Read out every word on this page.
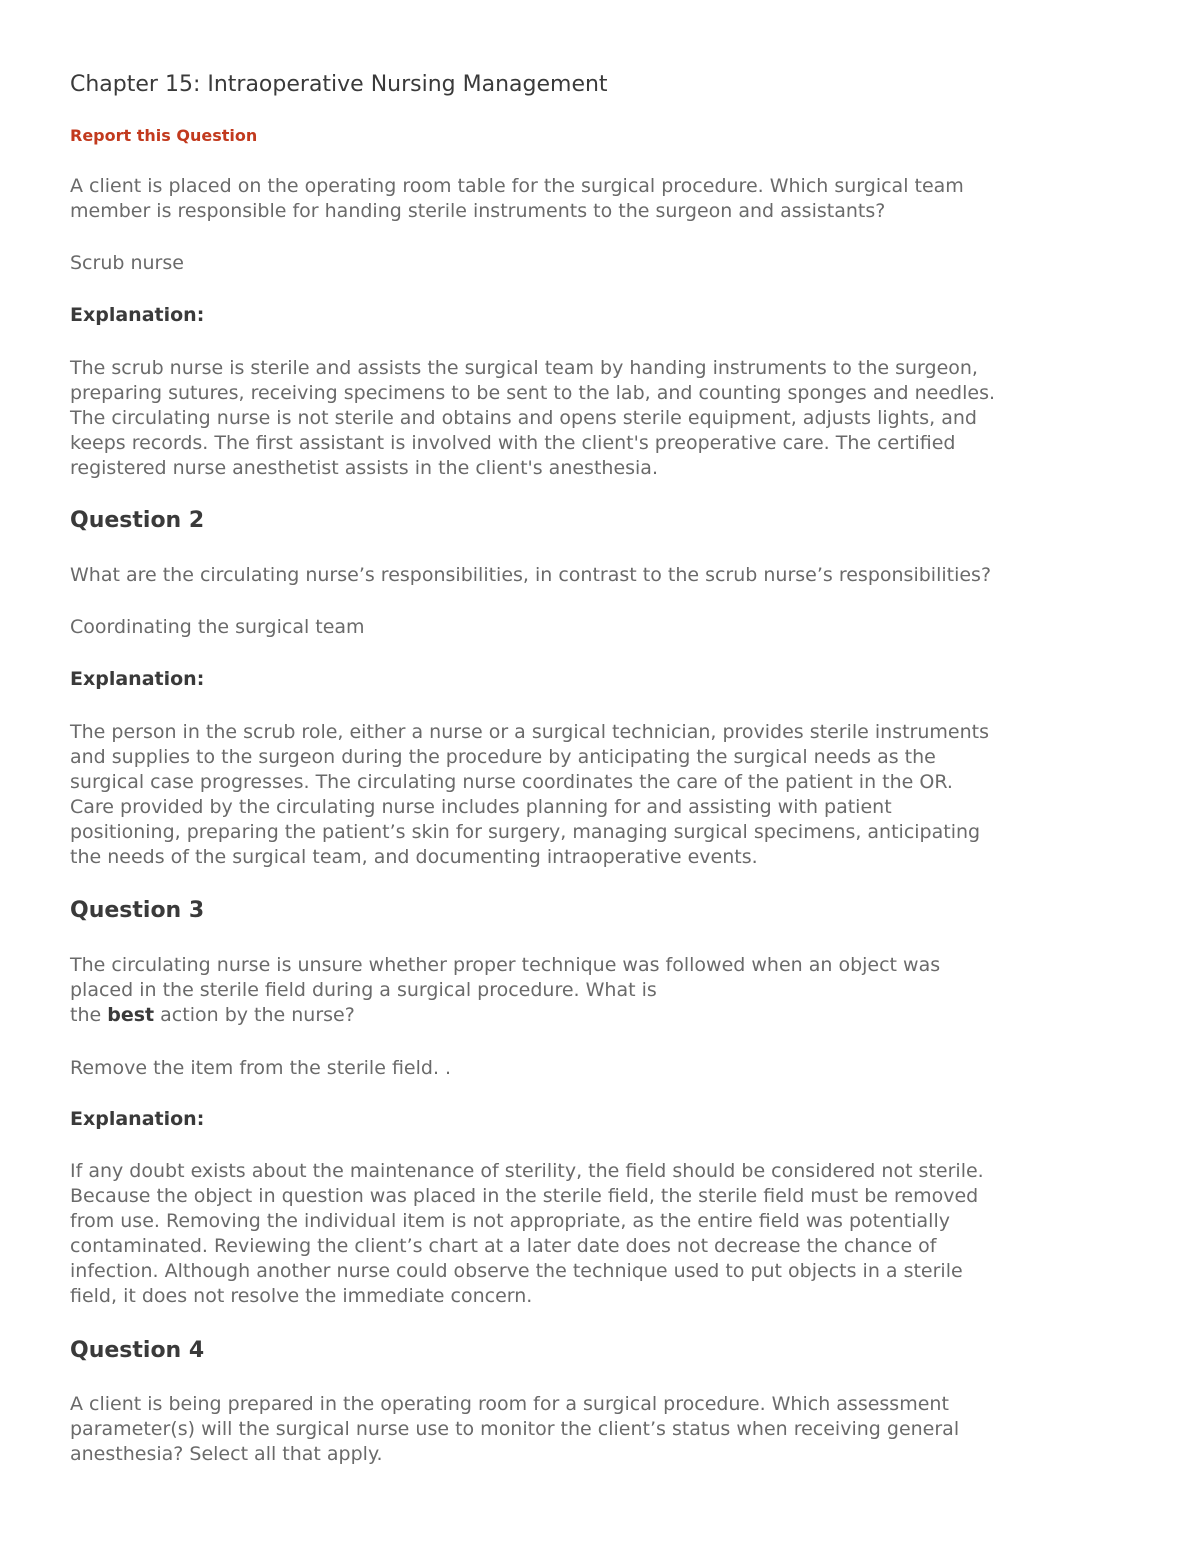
Chapter 15: Intraoperative Nursing Management
Report this Question

A client is placed on the operating room table for the surgical procedure. Which surgical team
member is responsible for handing sterile instruments to the surgeon and assistants?

Scrub nurse

Explanation:

The scrub nurse is sterile and assists the surgical team by handing instruments to the surgeon,
preparing sutures, receiving specimens to be sent to the lab, and counting sponges and needles.
The circulating nurse is not sterile and obtains and opens sterile equipment, adjusts lights, and
keeps records. The first assistant is involved with the client's preoperative care. The certified
registered nurse anesthetist assists in the client's anesthesia.

Question 2

What are the circulating nurse’s responsibilities, in contrast to the scrub nurse’s responsibilities?

Coordinating the surgical team

Explanation:

The person in the scrub role, either a nurse or a surgical technician, provides sterile instruments
and supplies to the surgeon during the procedure by anticipating the surgical needs as the
surgical case progresses. The circulating nurse coordinates the care of the patient in the OR.
Care provided by the circulating nurse includes planning for and assisting with patient
positioning, preparing the patient’s skin for surgery, managing surgical specimens, anticipating
the needs of the surgical team, and documenting intraoperative events.

Question 3

The circulating nurse is unsure whether proper technique was followed when an object was
placed in the sterile field during a surgical procedure. What is
the best action by the nurse?

Remove the item from the sterile field. .

Explanation:

If any doubt exists about the maintenance of sterility, the field should be considered not sterile.
Because the object in question was placed in the sterile field, the sterile field must be removed
from use. Removing the individual item is not appropriate, as the entire field was potentially
contaminated. Reviewing the client’s chart at a later date does not decrease the chance of
infection. Although another nurse could observe the technique used to put objects in a sterile
field, it does not resolve the immediate concern.

Question 4

A client is being prepared in the operating room for a surgical procedure. Which assessment
parameter(s) will the surgical nurse use to monitor the client’s status when receiving general
anesthesia? Select all that apply.
